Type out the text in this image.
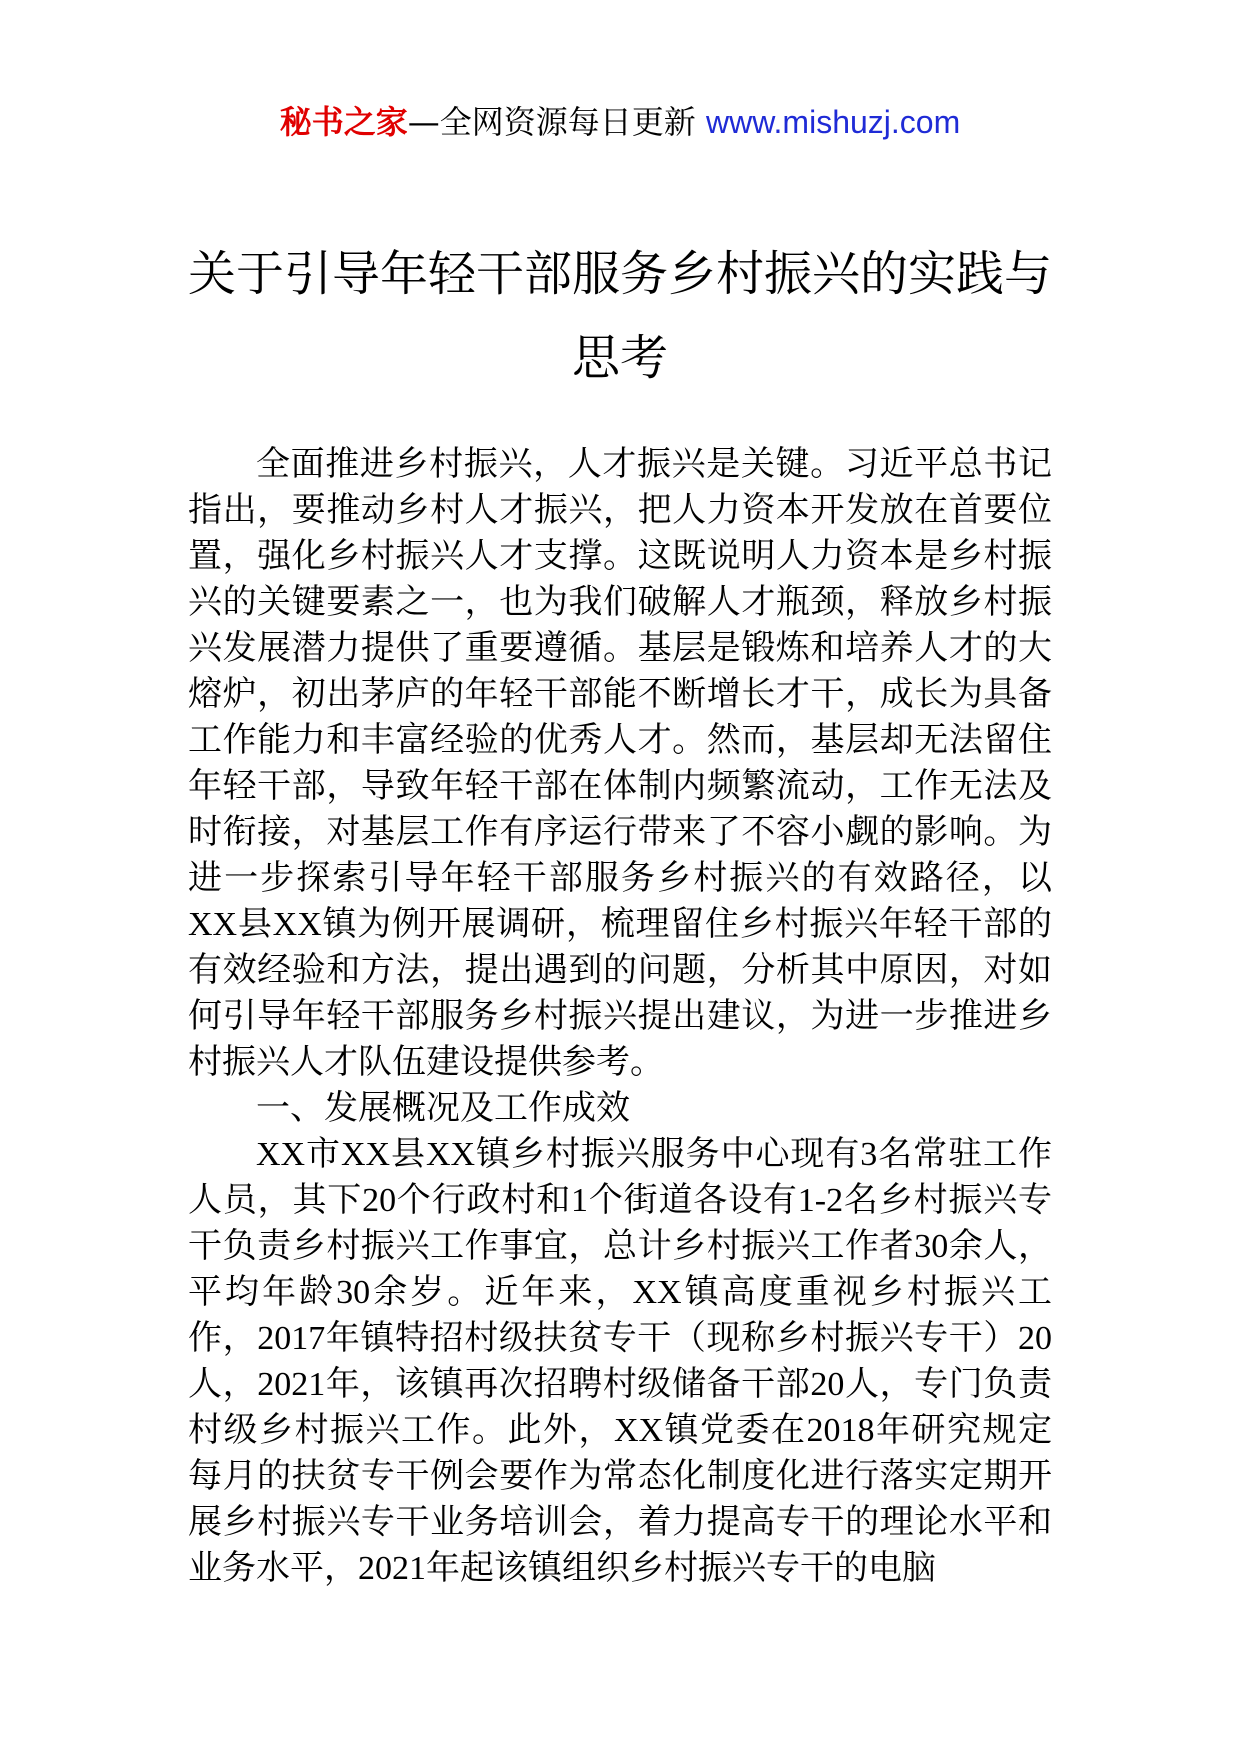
秘书之家—全网资源每日更新 www.mishuzj.com
关于引导年轻干部服务乡村振兴的实践与思考

全面推进乡村振兴，人才振兴是关键。习近平总书记指出，要推动乡村人才振兴，把人力资本开发放在首要位置，强化乡村振兴人才支撑。这既说明人力资本是乡村振兴的关键要素之一，也为我们破解人才瓶颈，释放乡村振兴发展潜力提供了重要遵循。基层是锻炼和培养人才的大熔炉，初出茅庐的年轻干部能不断增长才干，成长为具备工作能力和丰富经验的优秀人才。然而，基层却无法留住年轻干部，导致年轻干部在体制内频繁流动，工作无法及时衔接，对基层工作有序运行带来了不容小觑的影响。为进一步探索引导年轻干部服务乡村振兴的有效路径，以XX县XX镇为例开展调研，梳理留住乡村振兴年轻干部的有效经验和方法，提出遇到的问题，分析其中原因，对如何引导年轻干部服务乡村振兴提出建议，为进一步推进乡村振兴人才队伍建设提供参考。

一、发展概况及工作成效

XX市XX县XX镇乡村振兴服务中心现有3名常驻工作人员，其下20个行政村和1个街道各设有1-2名乡村振兴专干负责乡村振兴工作事宜，总计乡村振兴工作者30余人，平均年龄30余岁。近年来，XX镇高度重视乡村振兴工作，2017年镇特招村级扶贫专干（现称乡村振兴专干）20人，2021年，该镇再次招聘村级储备干部20人，专门负责村级乡村振兴工作。此外，XX镇党委在2018年研究规定每月的扶贫专干例会要作为常态化制度化进行落实定期开展乡村振兴专干业务培训会，着力提高专干的理论水平和业务水平，2021年起该镇组织乡村振兴专干的电脑
